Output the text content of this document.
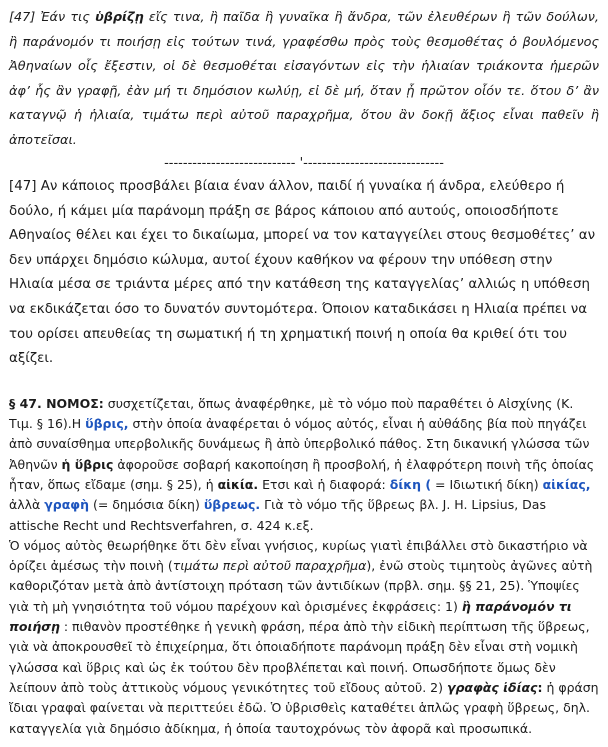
[47] Ἐάν τις ὑβρίζῃ εἴς τινα, ἢ παῖδα ἢ γυναῖκα ἢ ἄνδρα, τῶν ἐλευθέρων ἢ τῶν δούλων, ἢ παράνομόν τι ποιήσῃ εἰς τούτων τινά, γραφέσθω πρὸς τοὺς θεσμοθέτας ὁ βουλόμενος Ἀθηναίων οἷς ἔξεστιν, οἱ δὲ θεσμοθέται εἰσαγόντων εἰς τὴν ἡλιαίαν τριάκοντα ἡμερῶν ἀφ’ ἧς ἂν γραφῇ, ἐὰν μή τι δημόσιον κωλύῃ, εἰ δὲ μή, ὅταν ᾖ πρῶτον οἷόν τε. ὅτου δ’ ἂν καταγνῷ ἡ ἡλιαία, τιμάτω περὶ αὐτοῦ παραχρῆμα, ὅτου ἂν δοκῇ ἄξιος εἶναι παθεῖν ἢ ἀποτεῖσαι.

---------------------------- '------------------------------

[47] Αν κάποιος προσβάλει βίαια έναν άλλον, παιδί ή γυναίκα ή άνδρα, ελεύθερο ή δούλο, ή κάμει μία παράνομη πράξη σε βάρος κάποιου από αυτούς, οποιοσδήποτε Αθηναίος θέλει και έχει το δικαίωμα, μπορεί να τον καταγγείλει στους θεσμοθέτες’ αν δεν υπάρχει δημόσιο κώλυμα, αυτοί έχουν καθήκον να φέρουν την υπόθεση στην Ηλιαία μέσα σε τριάντα μέρες από την κατάθεση της καταγγελίας’ αλλιώς η υπόθεση να εκδικάζεται όσο το δυνατόν συντομότερα. Όποιον καταδικάσει η Ηλιαία πρέπει να του ορίσει απευθείας τη σωματική ή τη χρηματική ποινή η οποία θα κριθεί ότι του αξίζει.

§ 47. ΝΟΜΟΣ: συσχετίζεται, ὅπως ἀναφέρθηκε, μὲ τὸ νόμο ποὺ παραθέτει ὁ Αἰσχίνης (Κ. Τιμ. § 16).Η ὕβρις, στὴν ὁποία ἀναφέρεται ὁ νόμος αὐτός, εἶναι ἡ αὐθάδης βία ποὺ πηγάζει ἀπὸ συναίσθημα υπερβολικῆς δυνάμεως ἢ ἀπὸ ὑπερβολικό πάθος. Στη δικανική γλώσσα τῶν Ἀθηνῶν ἡ ὕβρις ἀφοροῦσε σοβαρή κακοποίηση ἢ προσβολή, ἡ ἐλαφρότερη ποινὴ τῆς ὁποίας ἦταν, ὅπως εἴδαμε (σημ. § 25), ἡ αἰκία. Ετσι καὶ ἡ διαφορά: δίκη ( = Ιδιωτική δίκη) αἰκίας, ἀλλὰ γραφὴ (= δημόσια δίκη) ὕβρεως. Γιὰ τὸ νόμο τῆς ὕβρεως βλ. J. H. Lipsius, Das attische Recht und Rechtsverfahren, σ. 424 κ.εξ.
Ὁ νόμος αὐτὸς θεωρήθηκε ὅτι δὲν εἶναι γνήσιος, κυρίως γιατὶ ἐπιβάλλει στὸ δικαστήριο νὰ ὁρίζει ἀμέσως τὴν ποινὴ (τιμάτω περὶ αὐτοῦ παραχρῆμα), ἐνῶ στοὺς τιμητοὺς ἀγῶνες αὐτὴ καθοριζόταν μετὰ ἀπὸ ἀντίστοιχη πρόταση τῶν ἀντιδίκων (πρβλ. σημ. §§ 21, 25). Ὑποψίες γιὰ τὴ μὴ γνησιότητα τοῦ νόμου παρέχουν καὶ ὁρισμένες ἐκφράσεις: 1) ἢ παράνομόν τι ποιήσῃ : πιθανὸν προστέθηκε ἡ γενικὴ φράση, πέρα ἀπὸ τὴν εἰδικὴ περίπτωση τῆς ὕβρεως, γιὰ νὰ ἀποκρουσθεῖ τὸ ἐπιχείρημα, ὅτι ὁποιαδήποτε παράνομη πράξη δὲν εἶναι στὴ νομικὴ γλώσσα καὶ ὕβρις καὶ ὡς ἐκ τούτου δὲν προβλέπεται καὶ ποινή. Οπωσδήποτε ὅμως δὲν λείπουν ἀπὸ τοὺς ἀττικοὺς νόμους γενικότητες τοῦ εἴδους αὐτοῦ. 2) γραφὰς ἰδίας: ἡ φράση ἴδιαι γραφαὶ φαίνεται νὰ περιττεύει ἐδῶ. Ὁ ὑβρισθεὶς καταθέτει ἁπλῶς γραφὴ ὕβρεως, δηλ. καταγγελία γιὰ δημόσιο ἀδίκημα, ἡ ὁποία ταυτοχρόνως τὸν ἀφορᾶ καὶ προσωπικά.
